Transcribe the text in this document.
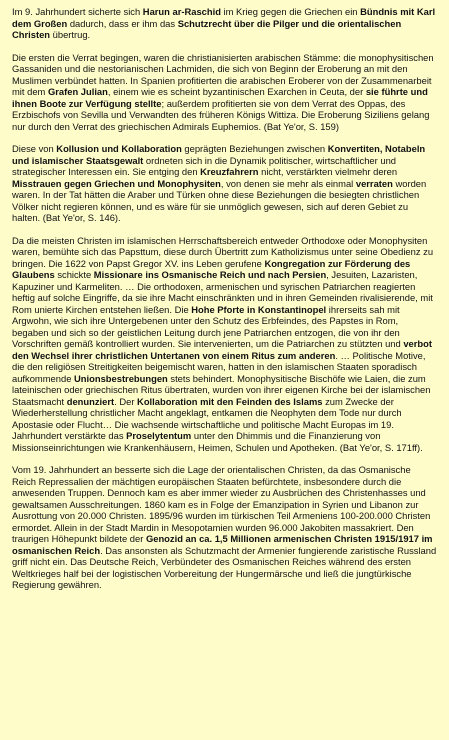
Im 9. Jahrhundert sicherte sich Harun ar-Raschid im Krieg gegen die Griechen ein Bündnis mit Karl dem Großen dadurch, dass er ihm das Schutzrecht über die Pilger und die orientalischen Christen übertrug.

Die ersten die Verrat begingen, waren die christianisierten arabischen Stämme: die monophysitischen Gassaniden und die nestorianischen Lachmiden, die sich von Beginn der Eroberung an mit den Muslimen verbündet hatten. In Spanien profitierten die arabischen Eroberer von der Zusammenarbeit mit dem Grafen Julian, einem wie es scheint byzantinischen Exarchen in Ceuta, der sie führte und ihnen Boote zur Verfügung stellte; außerdem profitierten sie von dem Verrat des Oppas, des Erzbischofs von Sevilla und Verwandten des früheren Königs Wittiza. Die Eroberung Siziliens gelang nur durch den Verrat des griechischen Admirals Euphemios. (Bat Ye'or, S. 159)

Diese von Kollusion und Kollaboration geprägten Beziehungen zwischen Konvertiten, Notabeln und islamischer Staatsgewalt ordneten sich in die Dynamik politischer, wirtschaftlicher und strategischer Interessen ein. Sie entging den Kreuzfahrern nicht, verstärkten vielmehr deren Misstrauen gegen Griechen und Monophysiten, von denen sie mehr als einmal verraten worden waren. In der Tat hätten die Araber und Türken ohne diese Beziehungen die besiegten christlichen Völker nicht regieren können, und es wäre für sie unmöglich gewesen, sich auf deren Gebiet zu halten. (Bat Ye'or, S. 146).

Da die meisten Christen im islamischen Herrschaftsbereich entweder Orthodoxe oder Monophysiten waren, bemühte sich das Papsttum, diese durch Übertritt zum Katholizismus unter seine Obedienz zu bringen. Die 1622 von Papst Gregor XV. ins Leben gerufene Kongregation zur Förderung des Glaubens schickte Missionare ins Osmanische Reich und nach Persien, Jesuiten, Lazaristen, Kapuziner und Karmeliten. … Die orthodoxen, armenischen und syrischen Patriarchen reagierten heftig auf solche Eingriffe, da sie ihre Macht einschränkten und in ihren Gemeinden rivalisierende, mit Rom unierte Kirchen entstehen ließen. Die Hohe Pforte in Konstantinopel ihrerseits sah mit Argwohn, wie sich ihre Untergebenen unter den Schutz des Erbfeindes, des Papstes in Rom, begaben und sich so der geistlichen Leitung durch jene Patriarchen entzogen, die von ihr den Vorschriften gemäß kontrolliert wurden. Sie intervenierten, um die Patriarchen zu stützten und verbot den Wechsel ihrer christlichen Untertanen von einem Ritus zum anderen. … Politische Motive, die den religiösen Streitigkeiten beigemischt waren, hatten in den islamischen Staaten sporadisch aufkommende Unionsbestrebungen stets behindert. Monophysitische Bischöfe wie Laien, die zum lateinischen oder griechischen Ritus übertraten, wurden von ihrer eigenen Kirche bei der islamischen Staatsmacht denunziert. Der Kollaboration mit den Feinden des Islams zum Zwecke der Wiederherstellung christlicher Macht angeklagt, entkamen die Neophyten dem Tode nur durch Apostasie oder Flucht… Die wachsende wirtschaftliche und politische Macht Europas im 19. Jahrhundert verstärkte das Proselytentum unter den Dhimmis und die Finanzierung von Missionseinrichtungen wie Krankenhäusern, Heimen, Schulen und Apotheken. (Bat Ye'or, S. 171ff).

Vom 19. Jahrhundert an besserte sich die Lage der orientalischen Christen, da das Osmanische Reich Repressalien der mächtigen europäischen Staaten befürchtete, insbesondere durch die anwesenden Truppen. Dennoch kam es aber immer wieder zu Ausbrüchen des Christenhasses und gewaltsamen Ausschreitungen. 1860 kam es in Folge der Emanzipation in Syrien und Libanon zur Ausrottung von 20.000 Christen. 1895/96 wurden im türkischen Teil Armeniens 100-200.000 Christen ermordet. Allein in der Stadt Mardin in Mesopotamien wurden 96.000 Jakobiten massakriert. Den traurigen Höhepunkt bildete der Genozid an ca. 1,5 Millionen armenischen Christen 1915/1917 im osmanischen Reich. Das ansonsten als Schutzmacht der Armenier fungierende zaristische Russland griff nicht ein. Das Deutsche Reich, Verbündeter des Osmanischen Reiches während des ersten Weltkrieges half bei der logistischen Vorbereitung der Hungermärsche und ließ die jungtürkische Regierung gewähren.
